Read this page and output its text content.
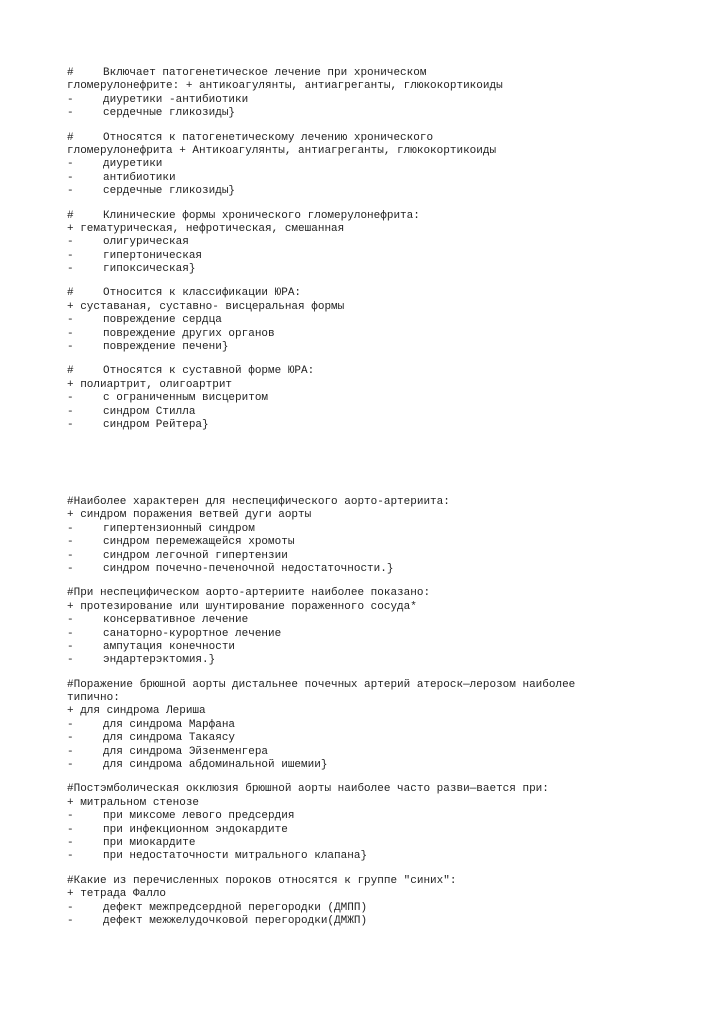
#	Включает патогенетическое лечение при хроническом
гломерулонефрите: + антикоагулянты, антиагреганты, глюкокортикоиды
-	диуретики -антибиотики
-	сердечные гликозиды}
#	Относятся к патогенетическому лечению хронического
гломерулонефрита + Антикоагулянты, антиагреганты, глюкокортикоиды
-	диуретики
-	антибиотики
-	сердечные гликозиды}
#	Клинические формы хронического гломерулонефрита:
+ гематурическая, нефротическая, смешанная
-	олигурическая
-	гипертоническая
-	гипоксическая}
#	Относится к классификации ЮРА:
+ суставаная, суставно- висцеральная формы
-	повреждение сердца
-	повреждение других органов
-	повреждение печени}
#	Относятся к суставной форме ЮРА:
+ полиартрит, олигоартрит
-	с ограниченным висцеритом
-	синдром Стилла
-	синдром Рейтера}
#Наиболее характерен для неспецифического аорто-артериита:
+ синдром поражения ветвей дуги аорты
-	гипертензионный синдром
-	синдром перемежащейся хромоты
-	синдром легочной гипертензии
-	синдром почечно-печеночной недостаточности.}
#При неспецифическом аорто-артериите наиболее показано:
+ протезирование или шунтирование пораженного сосуда*
-	консервативное лечение
-	санаторно-курортное лечение
-	ампутация конечности
-	эндартерэктомия.}
#Поражение брюшной аорты дистальнее почечных артерий атероск—лерозом наиболее
типично:
+ для синдрома Лериша
-	для синдрома Марфана
-	для синдрома Такаясу
-	для синдрома Эйзенменгера
-	для синдрома абдоминальной ишемии}
#Постэмболическая окклюзия брюшной аорты наиболее часто разви—вается при:
+ митральном стенозе
-	при миксоме левого предсердия
-	при инфекционном эндокардите
-	при миокардите
-	при недостаточности митрального клапана}
#Какие из перечисленных пороков относятся к группе "синих":
+ тетрада Фалло
-	дефект межпредсердной перегородки (ДМПП)
-	дефект межжелудочковой перегородки(ДМЖП)
